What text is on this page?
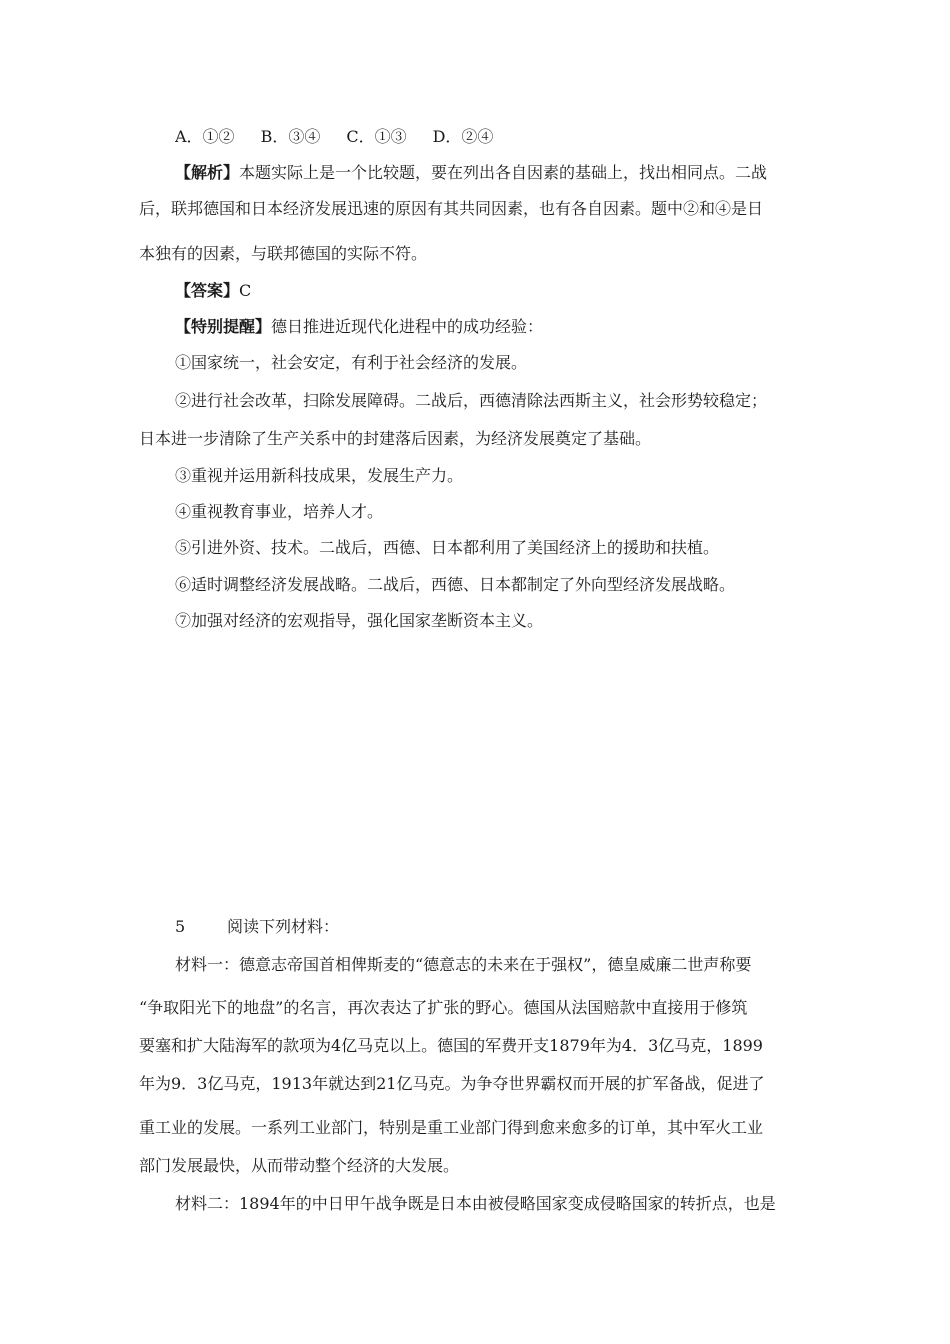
A．①② B．③④ C．①③ D．②④
【解析】本题实际上是一个比较题，要在列出各自因素的基础上，找出相同点。二战
后，联邦德国和日本经济发展迅速的原因有其共同因素，也有各自因素。题中②和④是日
本独有的因素，与联邦德国的实际不符。
【答案】C
【特别提醒】德日推进近现代化进程中的成功经验：
①国家统一，社会安定，有利于社会经济的发展。
②进行社会改革，扫除发展障碍。二战后，西德清除法西斯主义，社会形势较稳定；
日本进一步清除了生产关系中的封建落后因素，为经济发展奠定了基础。
③重视并运用新科技成果，发展生产力。
④重视教育事业，培养人才。
⑤引进外资、技术。二战后，西德、日本都利用了美国经济上的援助和扶植。
⑥适时调整经济发展战略。二战后，西德、日本都制定了外向型经济发展战略。
⑦加强对经济的宏观指导，强化国家垄断资本主义。
5	阅读下列材料：
材料一：德意志帝国首相俾斯麦的“德意志的未来在于强权”，德皇威廉二世声称要
“争取阳光下的地盘”的名言，再次表达了扩张的野心。德国从法国赔款中直接用于修筑
要塞和扩大陆海军的款项为4亿马克以上。德国的军费开支1879年为4．3亿马克，1899
年为9．3亿马克，1913年就达到21亿马克。为争夺世界霸权而开展的扩军备战，促进了
重工业的发展。一系列工业部门，特别是重工业部门得到愈来愈多的订单，其中军火工业
部门发展最快，从而带动整个经济的大发展。
材料二：1894年的中日甲午战争既是日本由被侵略国家变成侵略国家的转折点，也是
